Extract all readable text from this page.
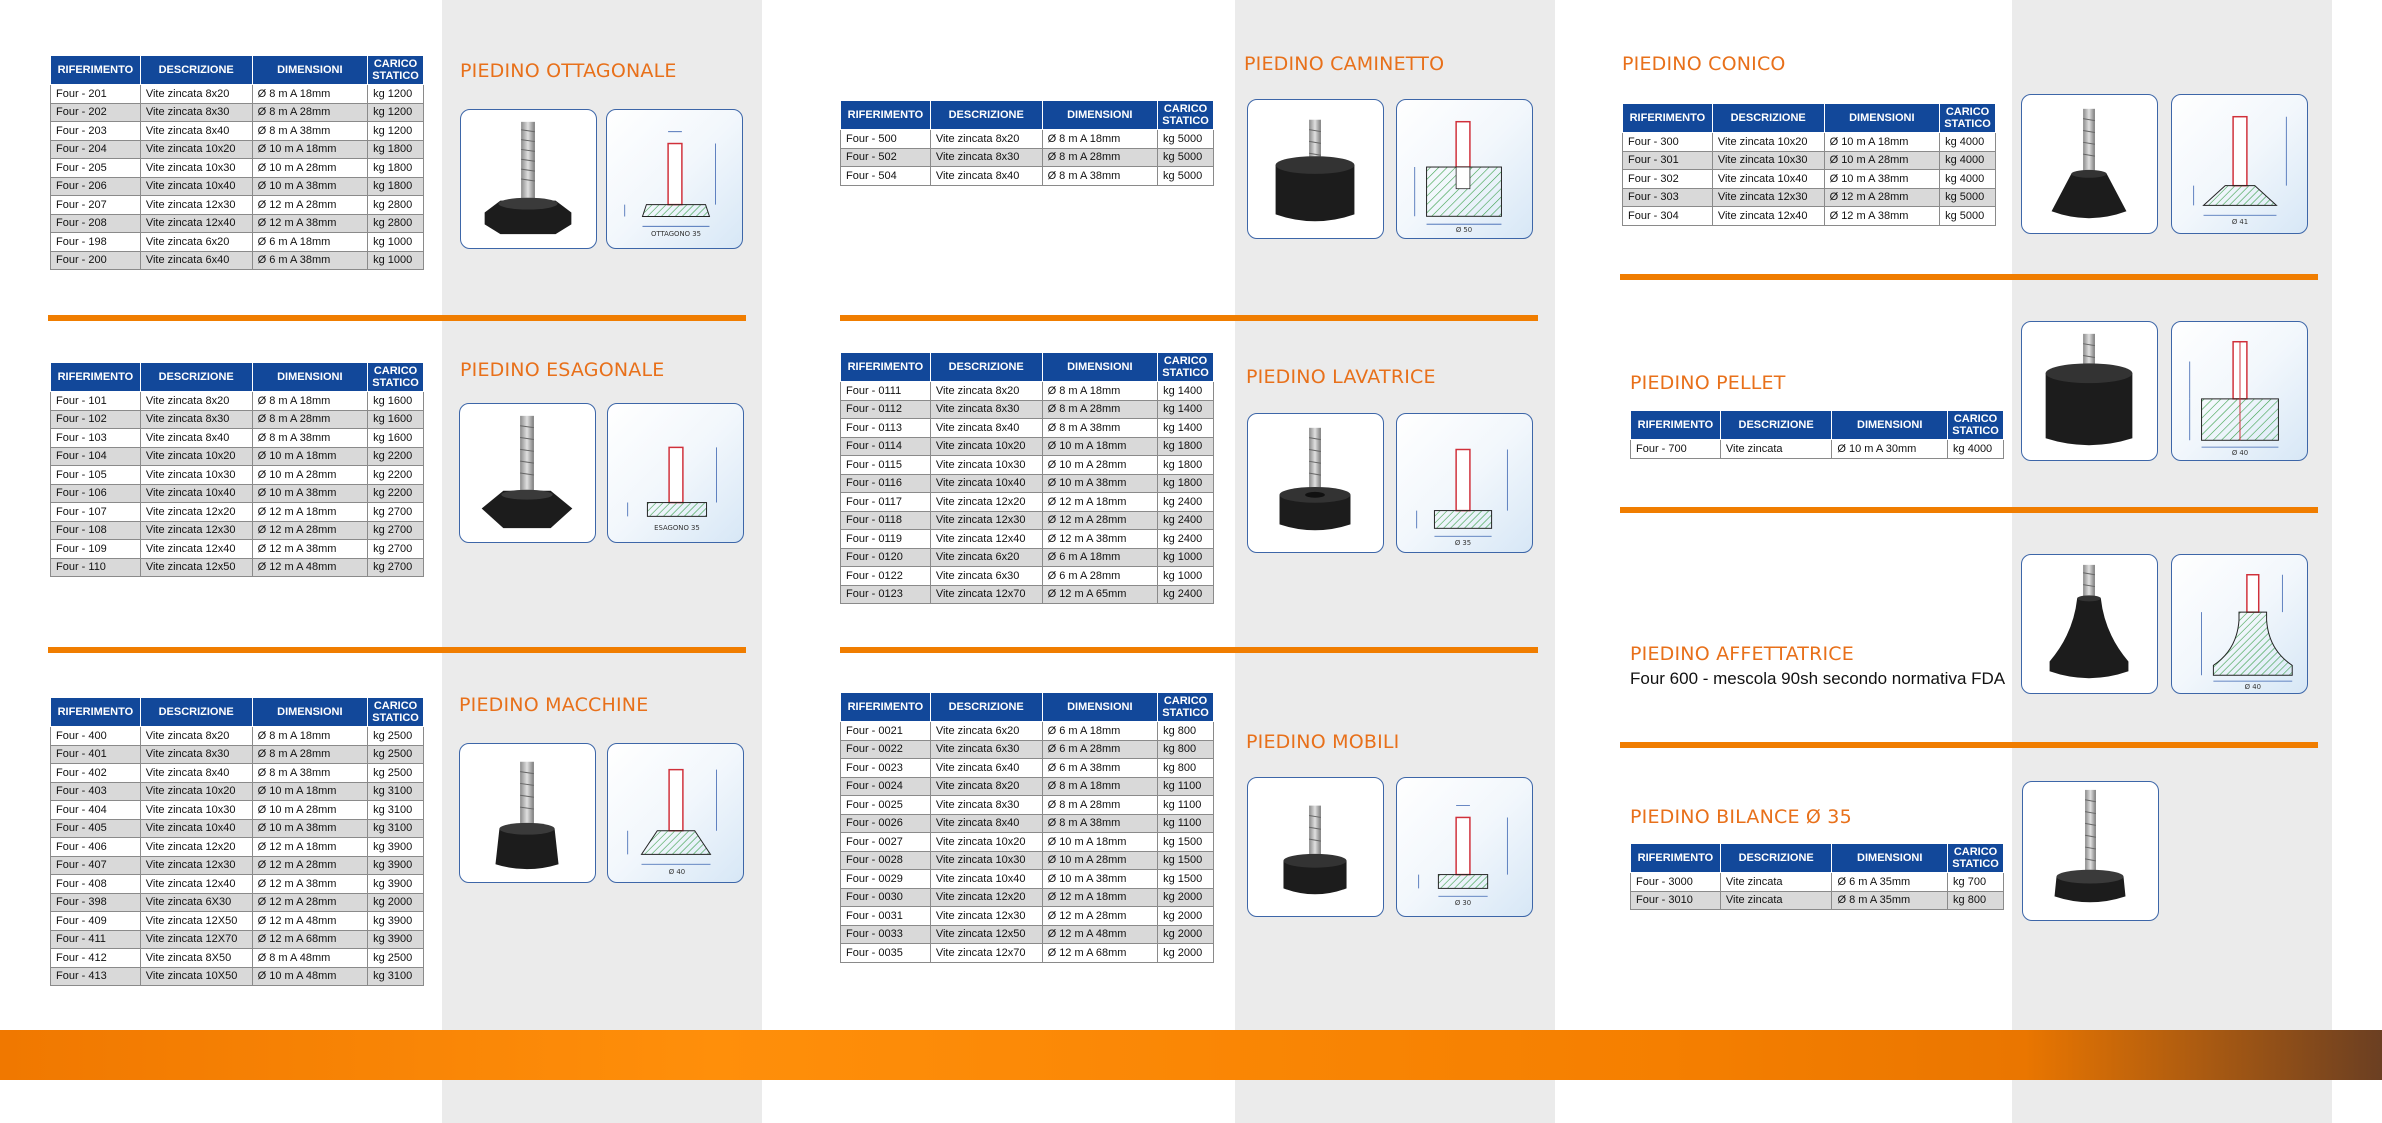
RIFERIMENTO	DESCRIZIONE	DIMENSIONI	CARICO
STATICO
Four - 201	Vite zincata 8x20	Ø 8 m A 18mm	kg 1200
Four - 202	Vite zincata 8x30	Ø 8 m A 28mm	kg 1200
Four - 203	Vite zincata 8x40	Ø 8 m A 38mm	kg 1200
Four - 204	Vite zincata 10x20	Ø 10 m A 18mm	kg 1800
Four - 205	Vite zincata 10x30	Ø 10 m A 28mm	kg 1800
Four - 206	Vite zincata 10x40	Ø 10 m A 38mm	kg 1800
Four - 207	Vite zincata 12x30	Ø 12 m A 28mm	kg 2800
Four - 208	Vite zincata 12x40	Ø 12 m A 38mm	kg 2800
Four - 198	Vite zincata 6x20	Ø 6 m A 18mm	kg 1000
Four - 200	Vite zincata 6x40	Ø 6 m A 38mm	kg 1000
PIEDINO OTTAGONALE
OTTAGONO 35
RIFERIMENTO	DESCRIZIONE	DIMENSIONI	CARICO
STATICO
Four - 101	Vite zincata 8x20	Ø 8 m A 18mm	kg 1600
Four - 102	Vite zincata 8x30	Ø 8 m A 28mm	kg 1600
Four - 103	Vite zincata 8x40	Ø 8 m A 38mm	kg 1600
Four - 104	Vite zincata 10x20	Ø 10 m A 18mm	kg 2200
Four - 105	Vite zincata 10x30	Ø 10 m A 28mm	kg 2200
Four - 106	Vite zincata 10x40	Ø 10 m A 38mm	kg 2200
Four - 107	Vite zincata 12x20	Ø 12 m A 18mm	kg 2700
Four - 108	Vite zincata 12x30	Ø 12 m A 28mm	kg 2700
Four - 109	Vite zincata 12x40	Ø 12 m A 38mm	kg 2700
Four - 110	Vite zincata 12x50	Ø 12 m A 48mm	kg 2700
PIEDINO ESAGONALE
ESAGONO 35
RIFERIMENTO	DESCRIZIONE	DIMENSIONI	CARICO
STATICO
Four - 400	Vite zincata 8x20	Ø 8 m A 18mm	kg 2500
Four - 401	Vite zincata 8x30	Ø 8 m A 28mm	kg 2500
Four - 402	Vite zincata 8x40	Ø 8 m A 38mm	kg 2500
Four - 403	Vite zincata 10x20	Ø 10 m A 18mm	kg 3100
Four - 404	Vite zincata 10x30	Ø 10 m A 28mm	kg 3100
Four - 405	Vite zincata 10x40	Ø 10 m A 38mm	kg 3100
Four - 406	Vite zincata 12x20	Ø 12 m A 18mm	kg 3900
Four - 407	Vite zincata 12x30	Ø 12 m A 28mm	kg 3900
Four - 408	Vite zincata 12x40	Ø 12 m A 38mm	kg 3900
Four - 398	Vite zincata 6X30	Ø 12 m A 28mm	kg 2000
Four - 409	Vite zincata 12X50	Ø 12 m A 48mm	kg 3900
Four - 411	Vite zincata 12X70	Ø 12 m A 68mm	kg 3900
Four - 412	Vite zincata 8X50	Ø 8 m A 48mm	kg 2500
Four - 413	Vite zincata 10X50	Ø 10 m A 48mm	kg 3100
PIEDINO MACCHINE
Ø 40
RIFERIMENTO	DESCRIZIONE	DIMENSIONI	CARICO
STATICO
Four - 500	Vite zincata 8x20	Ø 8 m A 18mm	kg 5000
Four - 502	Vite zincata 8x30	Ø 8 m A 28mm	kg 5000
Four - 504	Vite zincata 8x40	Ø 8 m A 38mm	kg 5000
PIEDINO CAMINETTO
Ø 50
RIFERIMENTO	DESCRIZIONE	DIMENSIONI	CARICO
STATICO
Four - 0111	Vite zincata 8x20	Ø 8 m A 18mm	kg 1400
Four - 0112	Vite zincata 8x30	Ø 8 m A 28mm	kg 1400
Four - 0113	Vite zincata 8x40	Ø 8 m A 38mm	kg 1400
Four - 0114	Vite zincata 10x20	Ø 10 m A 18mm	kg 1800
Four - 0115	Vite zincata 10x30	Ø 10 m A 28mm	kg 1800
Four - 0116	Vite zincata 10x40	Ø 10 m A 38mm	kg 1800
Four - 0117	Vite zincata 12x20	Ø 12 m A 18mm	kg 2400
Four - 0118	Vite zincata 12x30	Ø 12 m A 28mm	kg 2400
Four - 0119	Vite zincata 12x40	Ø 12 m A 38mm	kg 2400
Four - 0120	Vite zincata 6x20	Ø 6 m A 18mm	kg 1000
Four - 0122	Vite zincata 6x30	Ø 6 m A 28mm	kg 1000
Four - 0123	Vite zincata 12x70	Ø 12 m A 65mm	kg 2400
PIEDINO LAVATRICE
Ø 35
RIFERIMENTO	DESCRIZIONE	DIMENSIONI	CARICO
STATICO
Four - 0021	Vite zincata 6x20	Ø 6 m A 18mm	kg 800
Four - 0022	Vite zincata 6x30	Ø 6 m A 28mm	kg 800
Four - 0023	Vite zincata 6x40	Ø 6 m A 38mm	kg 800
Four - 0024	Vite zincata 8x20	Ø 8 m A 18mm	kg 1100
Four - 0025	Vite zincata 8x30	Ø 8 m A 28mm	kg 1100
Four - 0026	Vite zincata 8x40	Ø 8 m A 38mm	kg 1100
Four - 0027	Vite zincata 10x20	Ø 10 m A 18mm	kg 1500
Four - 0028	Vite zincata 10x30	Ø 10 m A 28mm	kg 1500
Four - 0029	Vite zincata 10x40	Ø 10 m A 38mm	kg 1500
Four - 0030	Vite zincata 12x20	Ø 12 m A 18mm	kg 2000
Four - 0031	Vite zincata 12x30	Ø 12 m A 28mm	kg 2000
Four - 0033	Vite zincata 12x50	Ø 12 m A 48mm	kg 2000
Four - 0035	Vite zincata 12x70	Ø 12 m A 68mm	kg 2000
PIEDINO MOBILI
Ø 30
RIFERIMENTO	DESCRIZIONE	DIMENSIONI	CARICO
STATICO
Four - 300	Vite zincata 10x20	Ø 10 m A 18mm	kg 4000
Four - 301	Vite zincata 10x30	Ø 10 m A 28mm	kg 4000
Four - 302	Vite zincata 10x40	Ø 10 m A 38mm	kg 4000
Four - 303	Vite zincata 12x30	Ø 12 m A 28mm	kg 5000
Four - 304	Vite zincata 12x40	Ø 12 m A 38mm	kg 5000
PIEDINO CONICO
Ø 41
PIEDINO PELLET
RIFERIMENTO	DESCRIZIONE	DIMENSIONI	CARICO
STATICO
Four - 700	Vite zincata	Ø 10 m A 30mm	kg 4000	Ø 40
PIEDINO AFFETTATRICE
Four 600 - mescola 90sh secondo normativa FDA	Ø 40
PIEDINO BILANCE Ø 35
RIFERIMENTO	DESCRIZIONE	DIMENSIONI	CARICO
STATICO
Four - 3000	Vite zincata	Ø 6 m A 35mm	kg 700
Four - 3010	Vite zincata	Ø 8 m A 35mm	kg 800
